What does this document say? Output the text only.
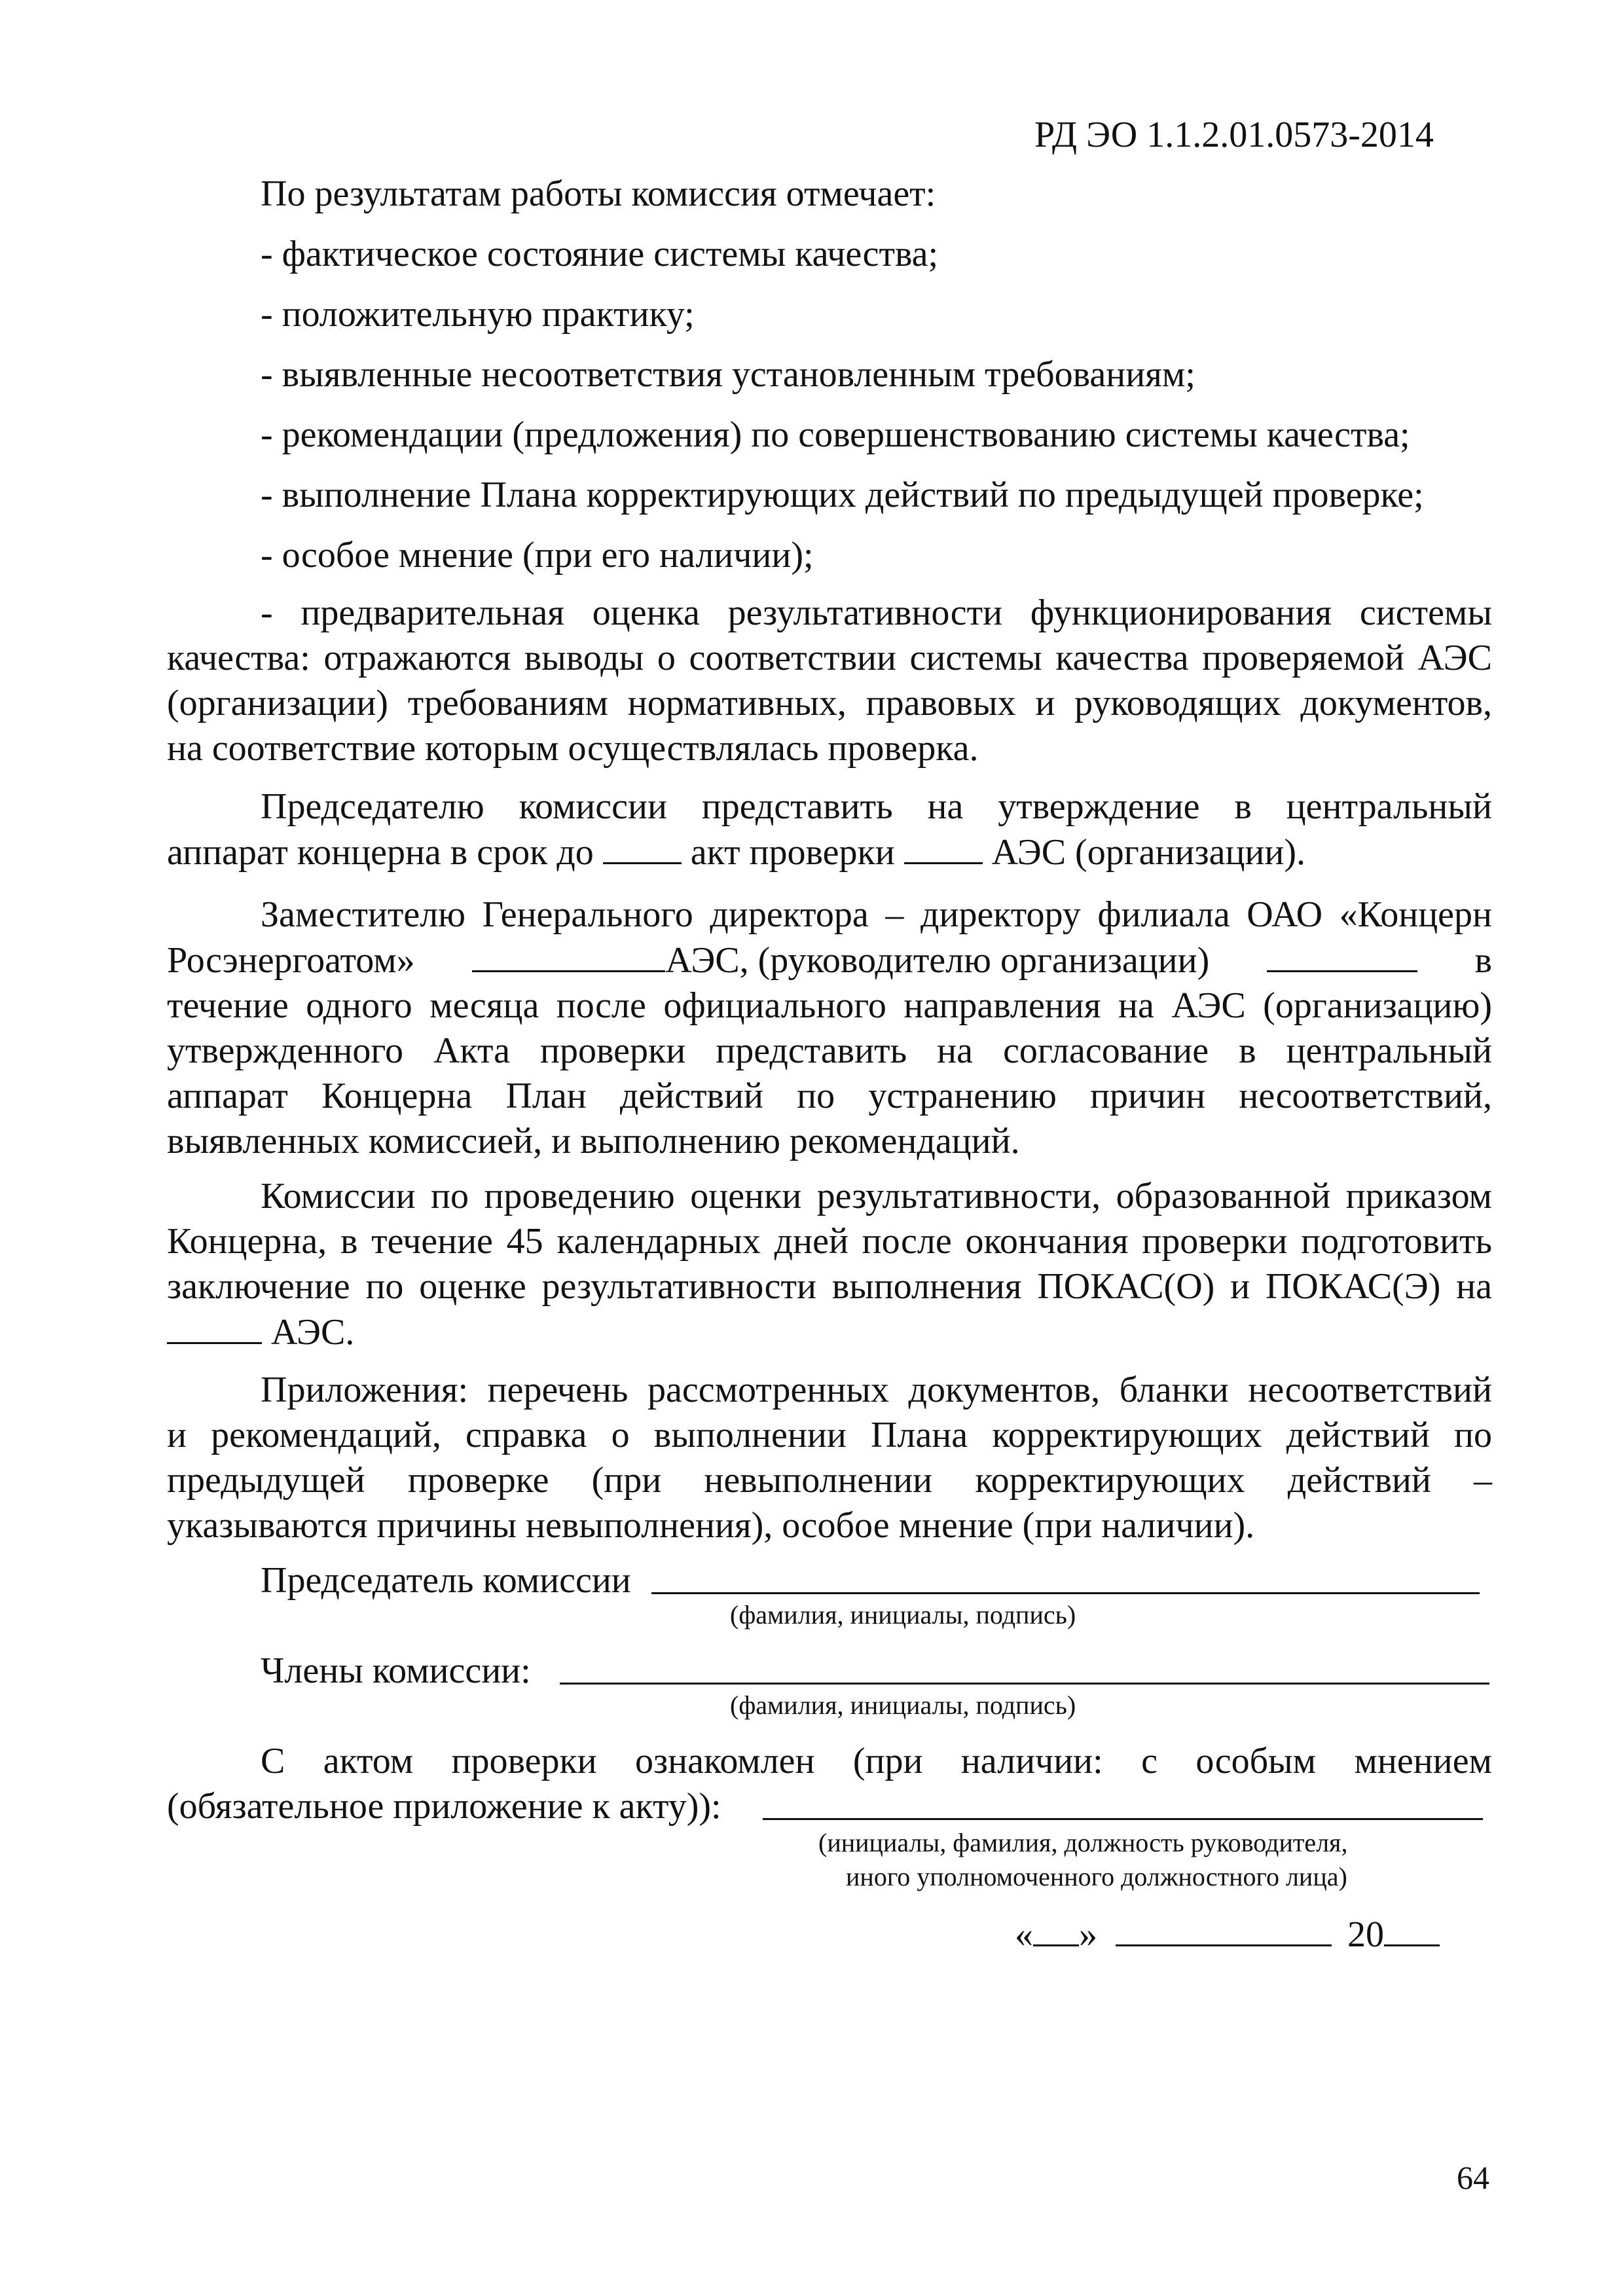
РД ЭО 1.1.2.01.0573-2014
По результатам работы комиссия отмечает:
- фактическое состояние системы качества;
- положительную практику;
- выявленные несоответствия установленным требованиям;
- рекомендации (предложения) по совершенствованию системы качества;
- выполнение Плана корректирующих действий по предыдущей проверке;
- особое мнение (при его наличии);
- предварительная оценка результативности функционирования системы
качества: отражаются выводы о соответствии системы качества проверяемой АЭС
(организации) требованиям нормативных, правовых и руководящих документов,
на соответствие которым осуществлялась проверка.
Председателю комиссии представить на утверждение в центральный
аппарат концерна в срок до	акт проверки	АЭС (организации).
Заместителю Генерального директора – директору филиала ОАО «Концерн
Росэнергоатом»	АЭС, (руководителю организации)	в
течение одного месяца после официального направления на АЭС (организацию)
утвержденного Акта проверки представить на согласование в центральный
аппарат Концерна План действий по устранению причин несоответствий,
выявленных комиссией, и выполнению рекомендаций.
Комиссии по проведению оценки результативности, образованной приказом
Концерна, в течение 45 календарных дней после окончания проверки подготовить
заключение по оценке результативности выполнения ПОКАС(О) и ПОКАС(Э) на
АЭС.
Приложения: перечень рассмотренных документов, бланки несоответствий
и рекомендаций, справка о выполнении Плана корректирующих действий по
предыдущей проверке (при невыполнении корректирующих действий –
указываются причины невыполнения), особое мнение (при наличии).
Председатель комиссии
(фамилия, инициалы, подпись)
Члены комиссии:
(фамилия, инициалы, подпись)
С актом проверки ознакомлен (при наличии: с особым мнением
(обязательное приложение к акту)):
(инициалы, фамилия, должность руководителя,
иного уполномоченного должностного лица)
« »	20
64
